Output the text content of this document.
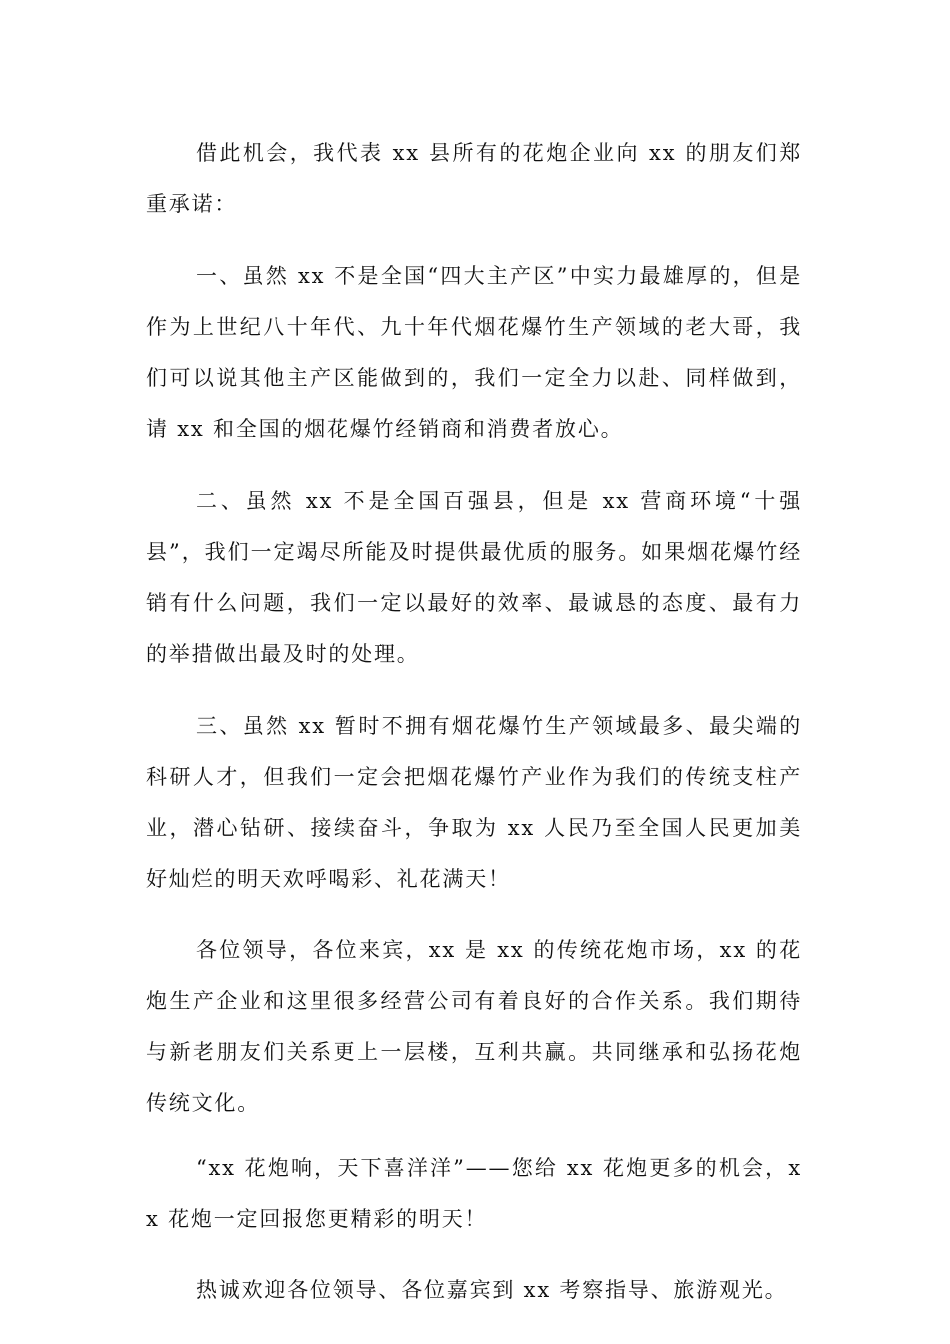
借此机会，我代表 xx 县所有的花炮企业向 xx 的朋友们郑重承诺：

一、虽然 xx 不是全国“四大主产区”中实力最雄厚的，但是作为上世纪八十年代、九十年代烟花爆竹生产领域的老大哥，我们可以说其他主产区能做到的，我们一定全力以赴、同样做到，请 xx 和全国的烟花爆竹经销商和消费者放心。

二、虽然 xx 不是全国百强县，但是 xx 营商环境“十强县”，我们一定竭尽所能及时提供最优质的服务。如果烟花爆竹经销有什么问题，我们一定以最好的效率、最诚恳的态度、最有力的举措做出最及时的处理。

三、虽然 xx 暂时不拥有烟花爆竹生产领域最多、最尖端的科研人才，但我们一定会把烟花爆竹产业作为我们的传统支柱产业，潜心钻研、接续奋斗，争取为 xx 人民乃至全国人民更加美好灿烂的明天欢呼喝彩、礼花满天！

各位领导，各位来宾，xx 是 xx 的传统花炮市场，xx 的花炮生产企业和这里很多经营公司有着良好的合作关系。我们期待与新老朋友们关系更上一层楼，互利共赢。共同继承和弘扬花炮传统文化。

“xx 花炮响，天下喜洋洋”——您给 xx 花炮更多的机会，xx 花炮一定回报您更精彩的明天！

热诚欢迎各位领导、各位嘉宾到 xx 考察指导、旅游观光。
